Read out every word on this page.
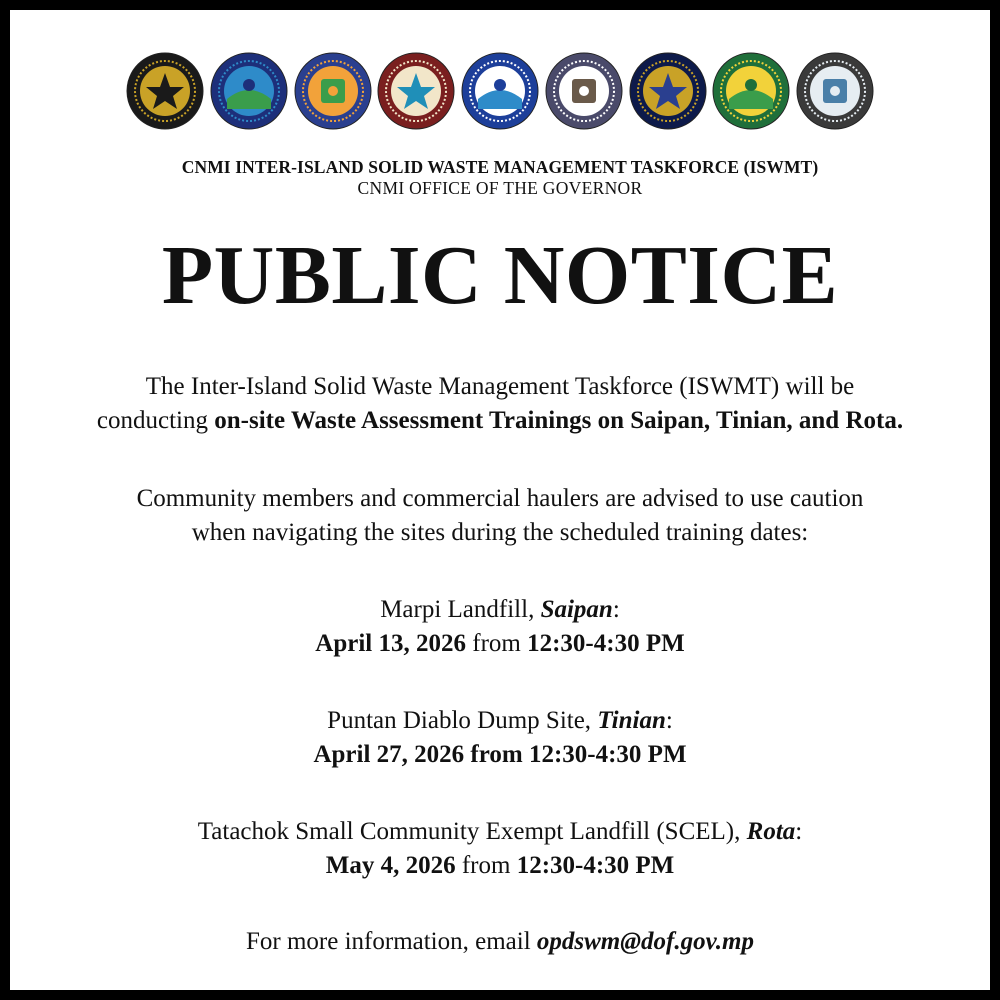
CNMI INTER-ISLAND SOLID WASTE MANAGEMENT TASKFORCE (ISWMT)
CNMI OFFICE OF THE GOVERNOR
PUBLIC NOTICE
The Inter-Island Solid Waste Management Taskforce (ISWMT) will be
conducting on-site Waste Assessment Trainings on Saipan, Tinian, and Rota.
Community members and commercial haulers are advised to use caution
when navigating the sites during the scheduled training dates:
Marpi Landfill, Saipan:
April 13, 2026 from 12:30-4:30 PM
Puntan Diablo Dump Site, Tinian:
April 27, 2026 from 12:30-4:30 PM
Tatachok Small Community Exempt Landfill (SCEL), Rota:
May 4, 2026 from 12:30-4:30 PM
For more information, email opdswm@dof.gov.mp
